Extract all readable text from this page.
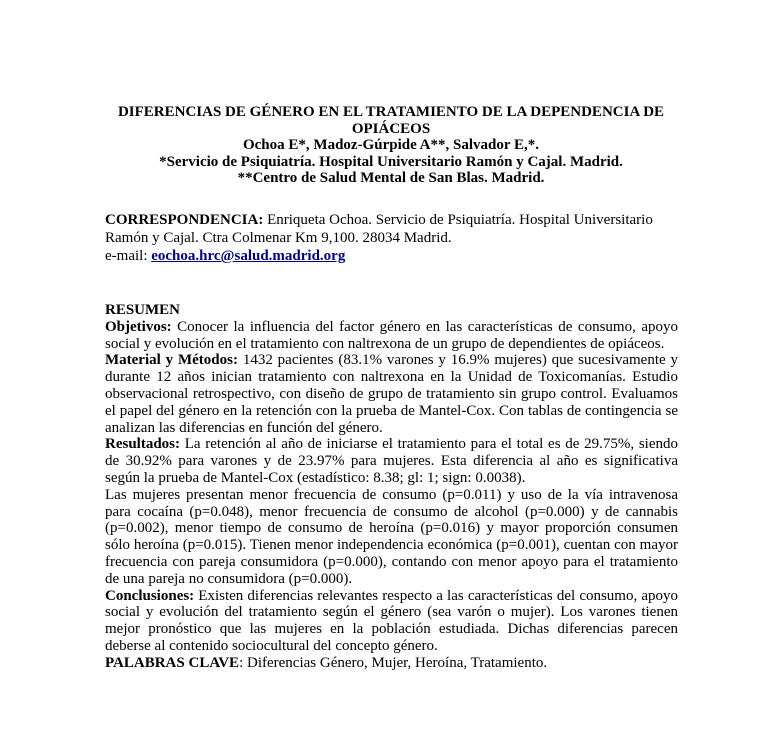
DIFERENCIAS DE GÉNERO EN EL TRATAMIENTO DE LA DEPENDENCIA DE OPIÁCEOS
Ochoa E*, Madoz-Gúrpide A**, Salvador E,*.
*Servicio de Psiquiatría. Hospital Universitario Ramón y Cajal. Madrid.
**Centro de Salud Mental de San Blas. Madrid.
CORRESPONDENCIA: Enriqueta Ochoa. Servicio de Psiquiatría. Hospital Universitario Ramón y Cajal. Ctra Colmenar Km 9,100. 28034 Madrid.
e-mail: eochoa.hrc@salud.madrid.org

RESUMEN

Objetivos: Conocer la influencia del factor género en las características de consumo, apoyo social y evolución en el tratamiento con naltrexona de un grupo de dependientes de opiáceos.

Material y Métodos: 1432 pacientes (83.1% varones y 16.9% mujeres) que sucesivamente y durante 12 años inician tratamiento con naltrexona en la Unidad de Toxicomanías. Estudio observacional retrospectivo, con diseño de grupo de tratamiento sin grupo control. Evaluamos el papel del género en la retención con la prueba de Mantel-Cox. Con tablas de contingencia se analizan las diferencias en función del género.

Resultados: La retención al año de iniciarse el tratamiento para el total es de 29.75%, siendo de 30.92% para varones y de 23.97% para mujeres. Esta diferencia al año es significativa según la prueba de Mantel-Cox (estadístico: 8.38; gl: 1; sign: 0.0038).

Las mujeres presentan menor frecuencia de consumo (p=0.011) y uso de la vía intravenosa para cocaína (p=0.048), menor frecuencia de consumo de alcohol (p=0.000) y de cannabis (p=0.002), menor tiempo de consumo de heroína (p=0.016) y mayor proporción consumen sólo heroína (p=0.015). Tienen menor independencia económica (p=0.001), cuentan con mayor frecuencia con pareja consumidora (p=0.000), contando con menor apoyo para el tratamiento de una pareja no consumidora (p=0.000).

Conclusiones: Existen diferencias relevantes respecto a las características del consumo, apoyo social y evolución del tratamiento según el género (sea varón o mujer). Los varones tienen mejor pronóstico que las mujeres en la población estudiada. Dichas diferencias parecen deberse al contenido sociocultural del concepto género.

PALABRAS CLAVE: Diferencias Género, Mujer, Heroína, Tratamiento.
